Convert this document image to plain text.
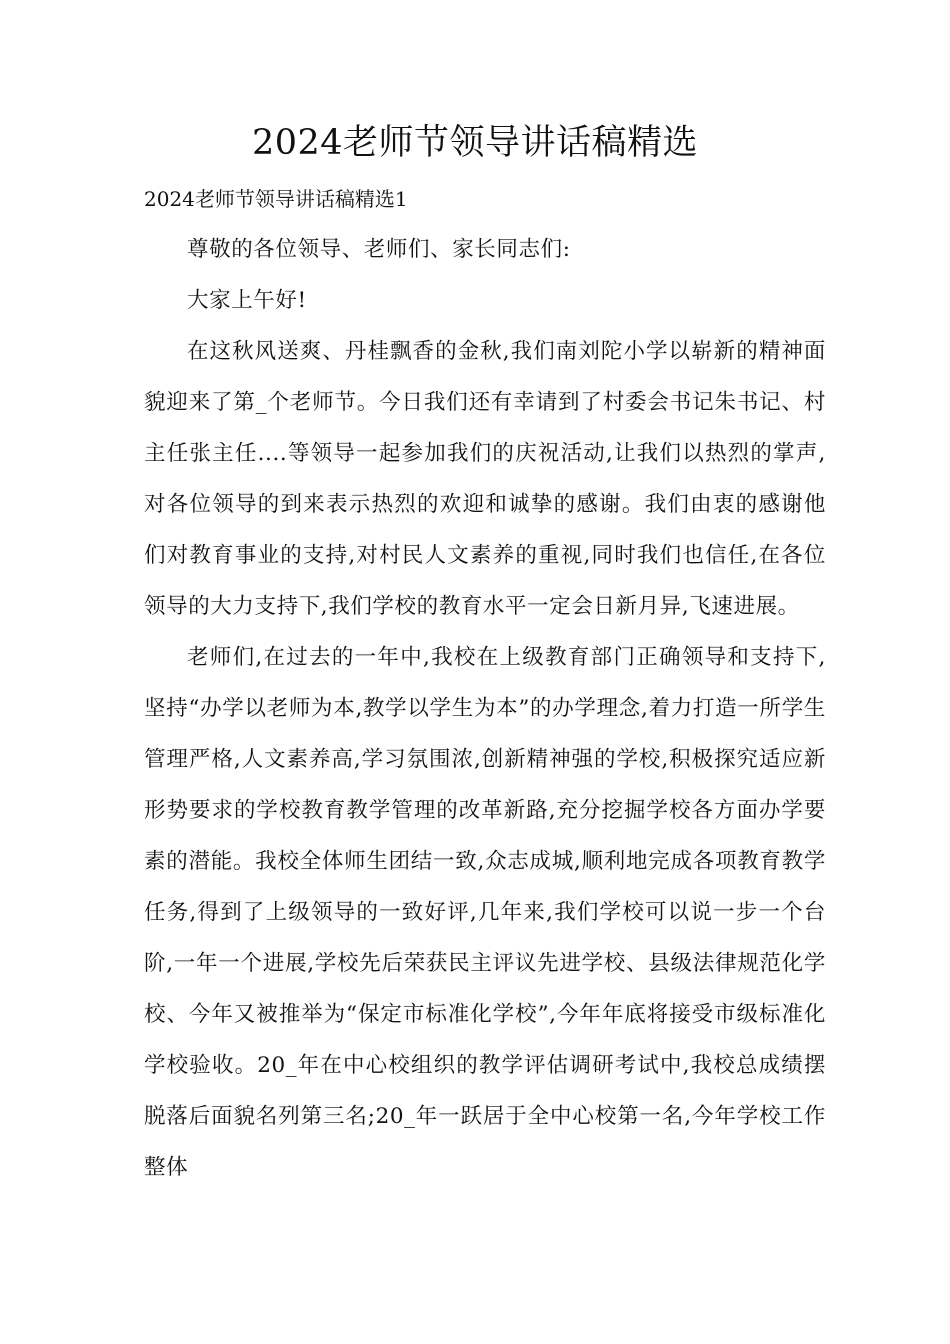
2024老师节领导讲话稿精选
2024老师节领导讲话稿精选1

尊敬的各位领导、老师们、家长同志们:

大家上午好!

在这秋风送爽、丹桂飘香的金秋,我们南刘陀小学以崭新的精神面貌迎来了第_个老师节。今日我们还有幸请到了村委会书记朱书记、村主任张主任....等领导一起参加我们的庆祝活动,让我们以热烈的掌声,对各位领导的到来表示热烈的欢迎和诚挚的感谢。我们由衷的感谢他们对教育事业的支持,对村民人文素养的重视,同时我们也信任,在各位领导的大力支持下,我们学校的教育水平一定会日新月异,飞速进展。

老师们,在过去的一年中,我校在上级教育部门正确领导和支持下,坚持“办学以老师为本,教学以学生为本”的办学理念,着力打造一所学生管理严格,人文素养高,学习氛围浓,创新精神强的学校,积极探究适应新形势要求的学校教育教学管理的改革新路,充分挖掘学校各方面办学要素的潜能。我校全体师生团结一致,众志成城,顺利地完成各项教育教学任务,得到了上级领导的一致好评,几年来,我们学校可以说一步一个台阶,一年一个进展,学校先后荣获民主评议先进学校、县级法律规范化学校、今年又被推举为“保定市标准化学校”,今年年底将接受市级标准化学校验收。20_年在中心校组织的教学评估调研考试中,我校总成绩摆脱落后面貌名列第三名;20_年一跃居于全中心校第一名,今年学校工作整体
